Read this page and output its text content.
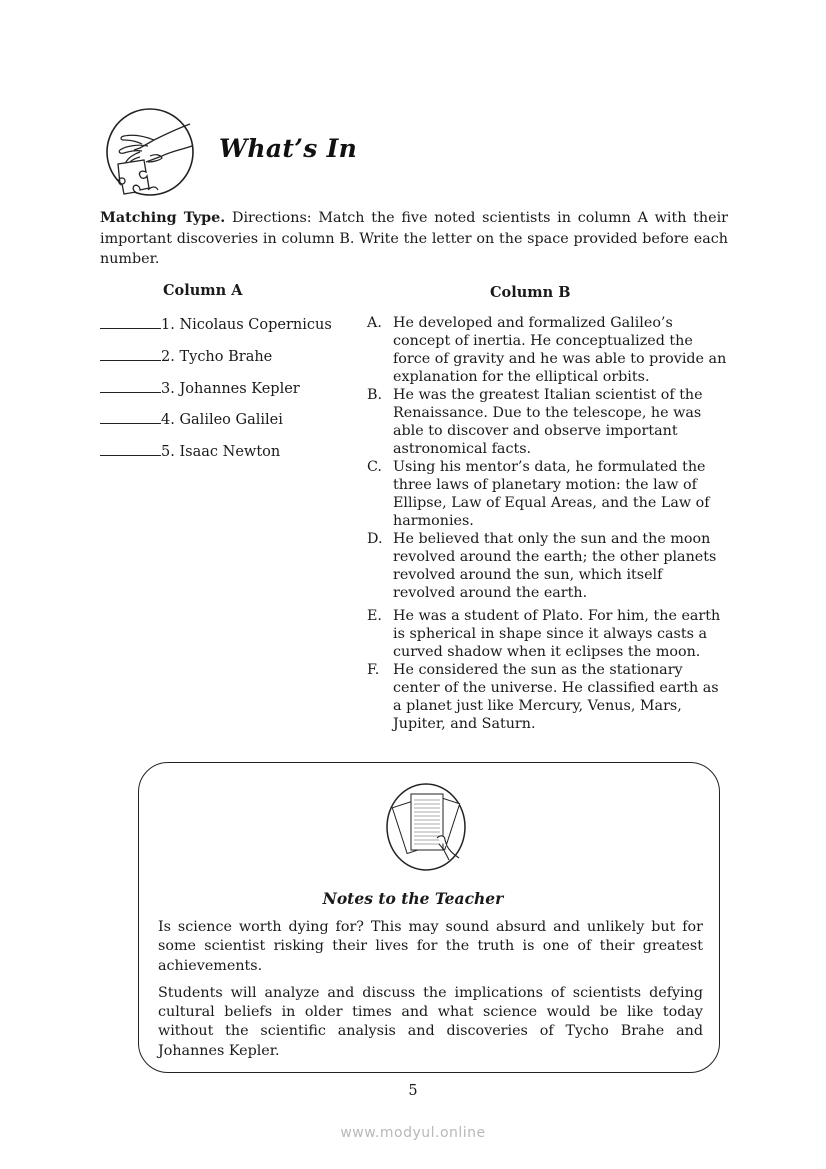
What’s In
Matching Type. Directions: Match the five noted scientists in column A with their important discoveries in column B. Write the letter on the space provided before each number.
Column A
1. Nicolaus Copernicus
2. Tycho Brahe
3. Johannes Kepler
4. Galileo Galilei
5. Isaac Newton
Column B
A. He developed and formalized Galileo’s concept of inertia. He conceptualized the force of gravity and he was able to provide an explanation for the elliptical orbits.
B. He was the greatest Italian scientist of the Renaissance. Due to the telescope, he was able to discover and observe important astronomical facts.
C. Using his mentor’s data, he formulated the three laws of planetary motion: the law of Ellipse, Law of Equal Areas, and the Law of harmonies.
D. He believed that only the sun and the moon revolved around the earth; the other planets revolved around the sun, which itself revolved around the earth.
E. He was a student of Plato. For him, the earth is spherical in shape since it always casts a curved shadow when it eclipses the moon.
F. He considered the sun as the stationary center of the universe. He classified earth as a planet just like Mercury, Venus, Mars, Jupiter, and Saturn.
Notes to the Teacher

Is science worth dying for? This may sound absurd and unlikely but for some scientist risking their lives for the truth is one of their greatest achievements.

Students will analyze and discuss the implications of scientists defying cultural beliefs in older times and what science would be like today without the scientific analysis and discoveries of Tycho Brahe and Johannes Kepler.

5
www.modyul.online
